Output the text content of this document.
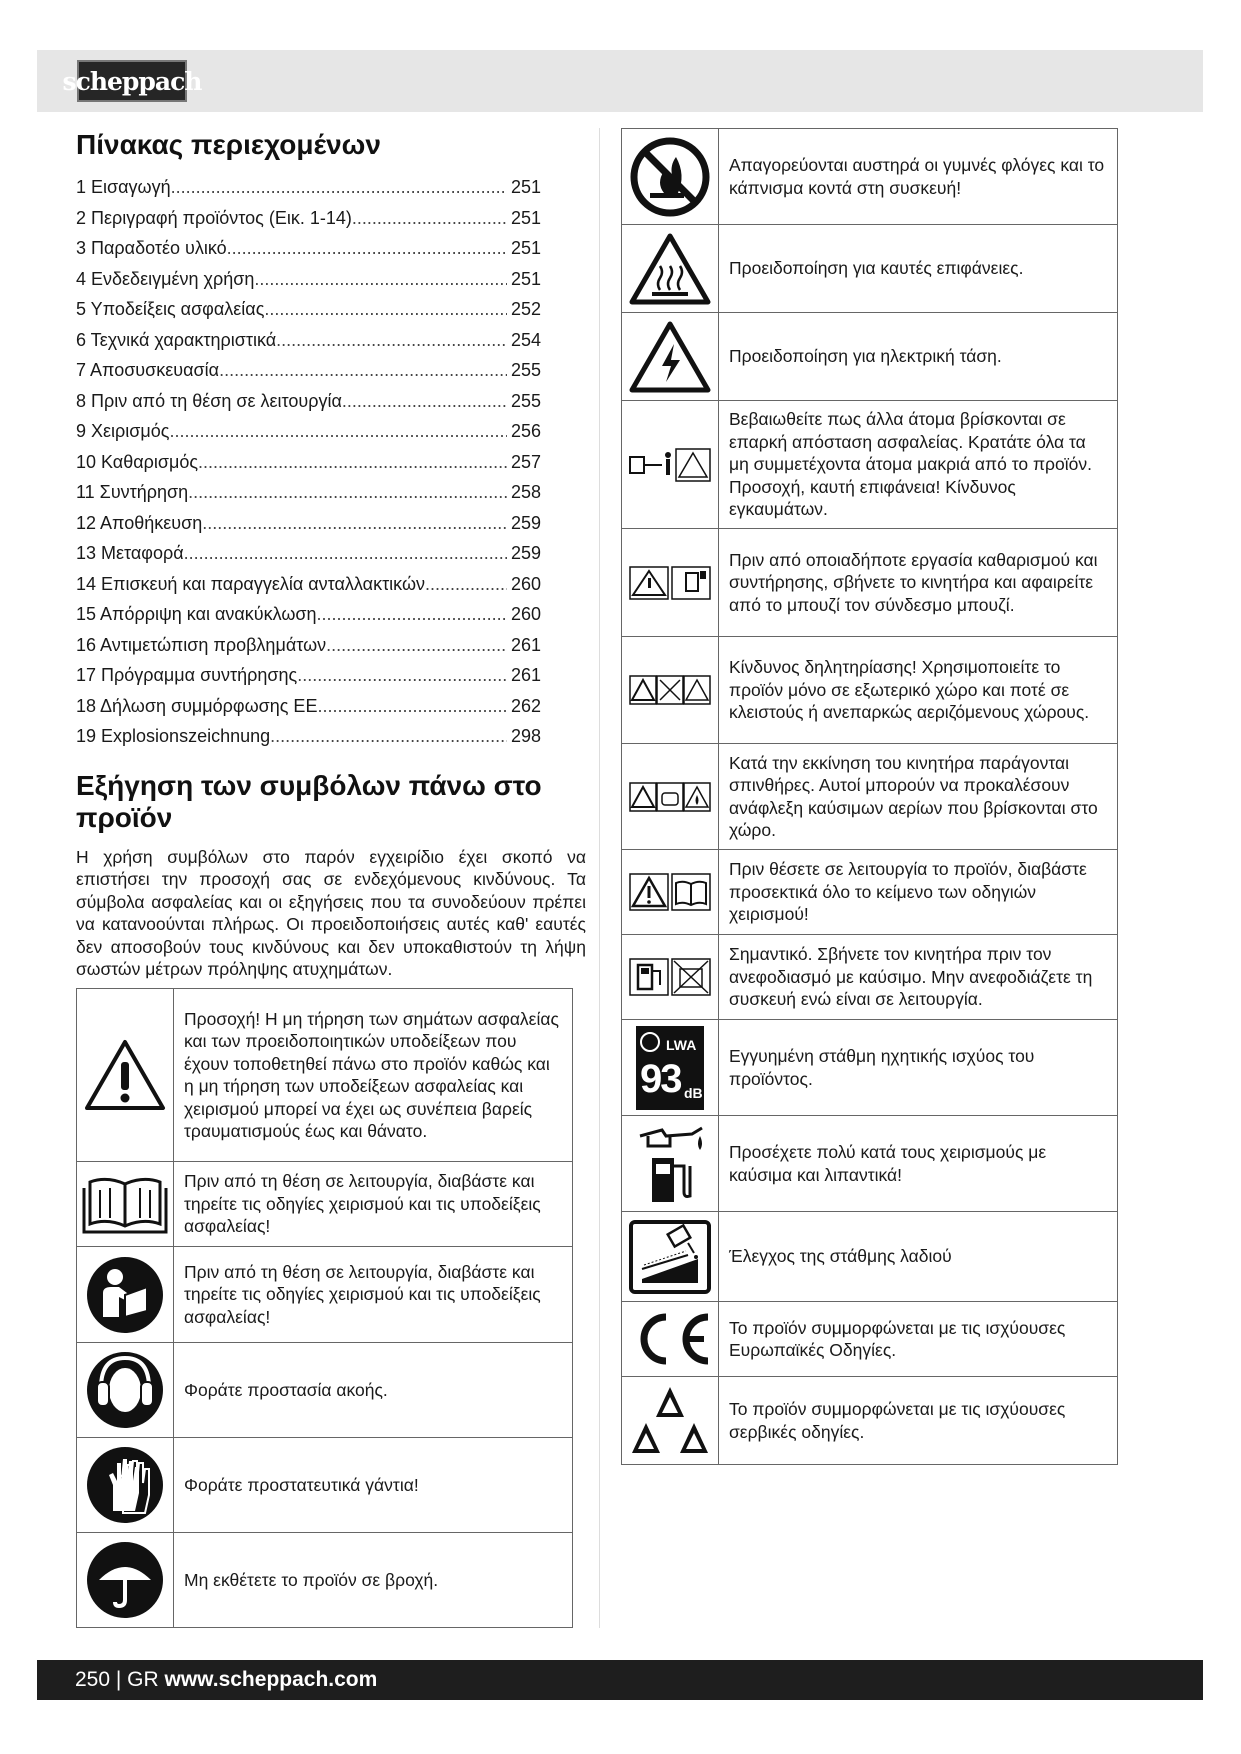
scheppach
Πίνακας περιεχομένων
1 Εισαγωγή .....	251
2 Περιγραφή προϊόντος (Εικ. 1-14) .....	251
3 Παραδοτέο υλικό .....	251
4 Ενδεδειγμένη χρήση .....	251
5 Υποδείξεις ασφαλείας .....	252
6 Τεχνικά χαρακτηριστικά .....	254
7 Αποσυσκευασία .....	255
8 Πριν από τη θέση σε λειτουργία .....	255
9 Χειρισμός .....	256
10 Καθαρισμός .....	257
11 Συντήρηση .....	258
12 Αποθήκευση .....	259
13 Μεταφορά .....	259
14 Επισκευή και παραγγελία ανταλλακτικών .....	260
15 Απόρριψη και ανακύκλωση .....	260
16 Αντιμετώπιση προβλημάτων .....	261
17 Πρόγραμμα συντήρησης .....	261
18 Δήλωση συμμόρφωσης ΕΕ .....	262
19 Explosionszeichnung .....	298
Εξήγηση των συμβόλων πάνω στο προϊόν

Η χρήση συμβόλων στο παρόν εγχειρίδιο έχει σκοπό να επιστήσει την προσοχή σας σε ενδεχόμενους κινδύνους. Τα σύμβολα ασφαλείας και οι εξηγήσεις που τα συνοδεύουν πρέπει να κατανοούνται πλήρως. Οι προειδοποιήσεις αυτές καθ' εαυτές δεν αποσοβούν τους κινδύνους και δεν υποκαθιστούν τη λήψη σωστών μέτρων πρόληψης ατυχημάτων.

	Προσοχή! Η μη τήρηση των σημάτων ασφαλείας και των προειδοποιητικών υποδείξεων που έχουν τοποθετηθεί πάνω στο προϊόν καθώς και η μη τήρηση των υποδείξεων ασφαλείας και χειρισμού μπορεί να έχει ως συνέπεια βαρείς τραυματισμούς έως και θάνατο.

	Πριν από τη θέση σε λειτουργία, διαβάστε και τηρείτε τις οδηγίες χειρισμού και τις υποδείξεις ασφαλείας!

	Πριν από τη θέση σε λειτουργία, διαβάστε και τηρείτε τις οδηγίες χειρισμού και τις υποδείξεις ασφαλείας!

	Φοράτε προστασία ακοής.

	Φοράτε προστατευτικά γάντια!

	Μη εκθέτετε το προϊόν σε βροχή.
	Απαγορεύονται αυστηρά οι γυμνές φλόγες και το κάπνισμα κοντά στη συσκευή!

	Προειδοποίηση για καυτές επιφάνειες.

	Προειδοποίηση για ηλεκτρική τάση.

	Βεβαιωθείτε πως άλλα άτομα βρίσκονται σε επαρκή απόσταση ασφαλείας. Κρατάτε όλα τα μη συμμετέχοντα άτομα μακριά από το προϊόν. Προσοχή, καυτή επιφάνεια! Κίνδυνος εγκαυμάτων.

	Πριν από οποιαδήποτε εργασία καθαρισμού και συντήρησης, σβήνετε το κινητήρα και αφαιρείτε από το μπουζί τον σύνδεσμο μπουζί.

	Κίνδυνος δηλητηρίασης! Χρησιμοποιείτε το προϊόν μόνο σε εξωτερικό χώρο και ποτέ σε κλειστούς ή ανεπαρκώς αεριζόμενους χώρους.

	Κατά την εκκίνηση του κινητήρα παράγονται σπινθήρες. Αυτοί μπορούν να προκαλέσουν ανάφλεξη καύσιμων αερίων που βρίσκονται στο χώρο.

	Πριν θέσετε σε λειτουργία το προϊόν, διαβάστε προσεκτικά όλο το κείμενο των οδηγιών χειρισμού!

	Σημαντικό. Σβήνετε τον κινητήρα πριν τον ανεφοδιασμό με καύσιμο. Μην ανεφοδιάζετε τη συσκευή ενώ είναι σε λειτουργία.

LWA
93 dB	Εγγυημένη στάθμη ηχητικής ισχύος του προϊόντος.

	Προσέχετε πολύ κατά τους χειρισμούς με καύσιμα και λιπαντικά!

	Έλεγχος της στάθμης λαδιού

	Το προϊόν συμμορφώνεται με τις ισχύουσες Ευρωπαϊκές Οδηγίες.

	Το προϊόν συμμορφώνεται με τις ισχύουσες σερβικές οδηγίες.
250 | GR www.scheppach.com
